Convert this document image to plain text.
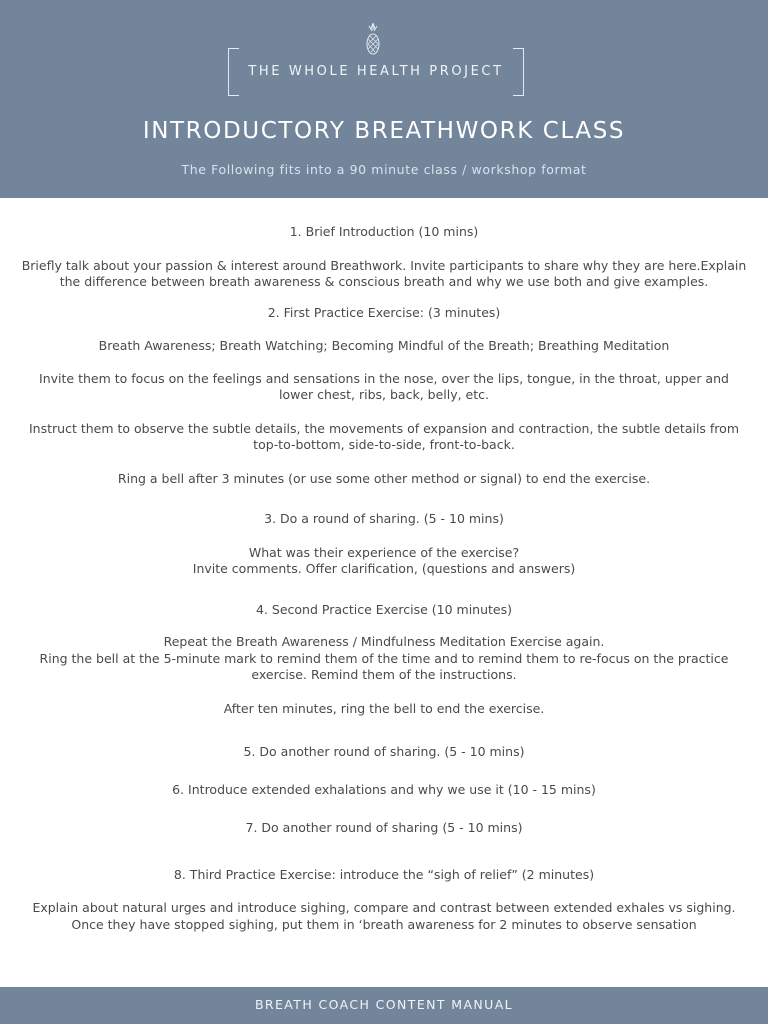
THE WHOLE HEALTH PROJECT
INTRODUCTORY BREATHWORK CLASS
The Following fits into a 90 minute class / workshop format

1. Brief Introduction (10 mins)

Briefly talk about your passion & interest around Breathwork. Invite participants to share why they are here.Explain the difference between breath awareness & conscious breath and why we use both and give examples.

2. First Practice Exercise: (3 minutes)

Breath Awareness; Breath Watching; Becoming Mindful of the Breath; Breathing Meditation

Invite them to focus on the feelings and sensations in the nose, over the lips, tongue, in the throat, upper and lower chest, ribs, back, belly, etc.

Instruct them to observe the subtle details, the movements of expansion and contraction, the subtle details from top-to-bottom, side-to-side, front-to-back.

Ring a bell after 3 minutes (or use some other method or signal) to end the exercise.

3. Do a round of sharing. (5 - 10 mins)

What was their experience of the exercise?

Invite comments. Offer clarification, (questions and answers)

4. Second Practice Exercise (10 minutes)

Repeat the Breath Awareness / Mindfulness Meditation Exercise again.

Ring the bell at the 5-minute mark to remind them of the time and to remind them to re-focus on the practice exercise. Remind them of the instructions.

After ten minutes, ring the bell to end the exercise.

5. Do another round of sharing. (5 - 10 mins)

6. Introduce extended exhalations and why we use it (10 - 15 mins)

7. Do another round of sharing (5 - 10 mins)

8. Third Practice Exercise: introduce the “sigh of relief” (2 minutes)

Explain about natural urges and introduce sighing, compare and contrast between extended exhales vs sighing.

Once they have stopped sighing, put them in ‘breath awareness for 2 minutes to observe sensation

BREATH COACH CONTENT MANUAL
